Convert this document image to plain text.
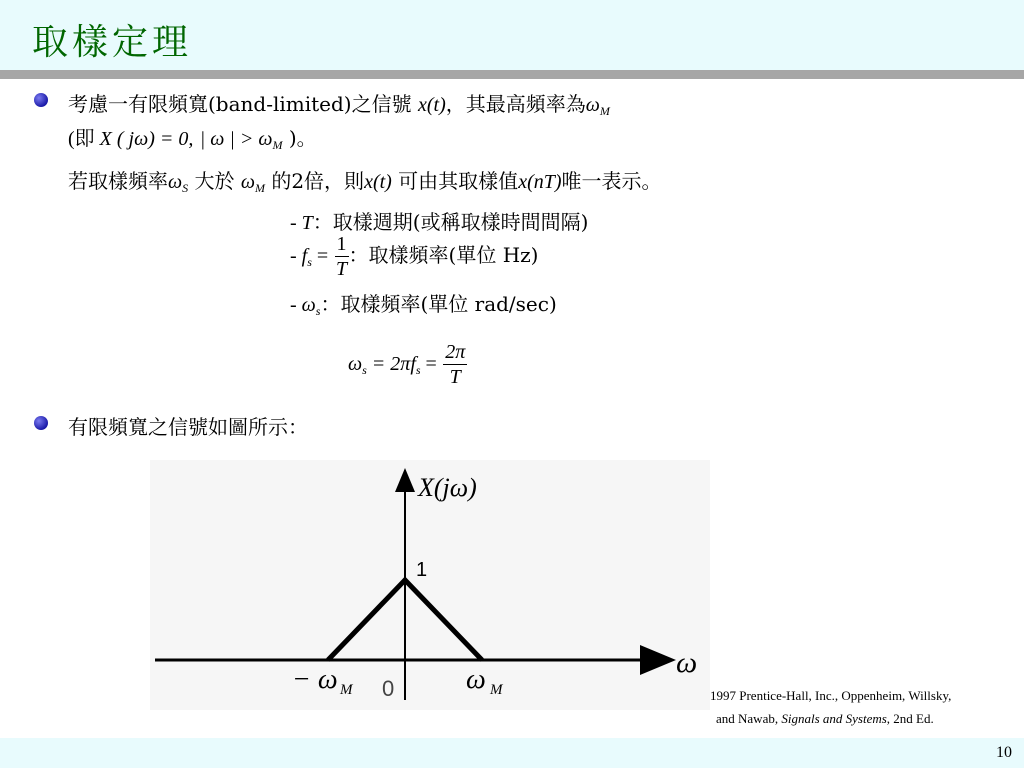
取樣定理
考慮一有限頻寬(band-limited)之信號 x(t)，其最高頻率為$\omega_M$
(即 X ( jω) = 0, | ω | > $\omega_M$ )。
若取樣頻率$\omega_S$ 大於 $\omega_M$ 的2倍，則x(t) 可由其取樣值x(nT)唯一表示。
- T：取樣週期(或稱取樣時間間隔)
- $f_s = \frac{1}{T}$ ：取樣頻率(單位 Hz)
- $\omega_s$：取樣頻率(單位 rad/sec)
$\omega_s = 2\pi f_s = \frac{2\pi}{T}$
有限頻寬之信號如圖所示：
X(jω)
1
ω
0
− ω M	ω M	1997 Prentice-Hall, Inc., Oppenheim, Willsky,
and Nawab, Signals and Systems, 2nd Ed.
10
